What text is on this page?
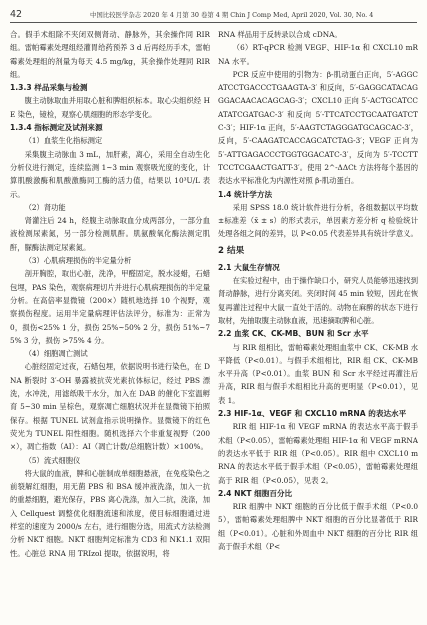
42	中国比较医学杂志 2020 年 4 月第 30 卷第 4 期 Chin J Comp Med, April 2020, Vol. 30, No. 4

合。假手术组除不夹闭双侧肾动、静脉外，其余操作同 RIR 组。雷帕霉素处理组经灌胃给药预养 3 d 后再经历手术，雷帕霉素处理组的剂量为每天 4.5 mg/kg，其余操作处理同 RIR 组。

1.3.3 样品采集与检测

腹主动脉取血并用取心脏和脾组织标本。取心尖组织经 HE 染色，镜检，观察心肌细胞的形态学变化。

1.3.4 指标测定及试剂来源

（1）血浆生化指标测定

采集腹主动脉血 3 mL，加肝素，离心，采用全自动生化分析仪进行测定，连续监测 1~3 min 观察吸光度的变化，计算肌酸激酶和肌酸激酶同工酶的活力值，结果以 10³U/L 表示。

（2）肾功能

肾灌注后 24 h，经腹主动脉取血分成两部分，一部分血液检测尿素氮，另一部分检测肌酐。肌氨酸氧化酶法测定肌酐，脲酶法测定尿素氮。

（3）心肌病理损伤的半定量分析

剖开胸腔，取出心脏，洗净，甲醛固定，脱水浸蜡，石蜡包埋，PAS 染色，观察病理切片并进行心肌病理损伤的半定量分析。在高倍率显微镜（200×）随机地选择 10 个视野，观察损伤程度。运用半定量病理评估法评分，标准为：正常为 0，损伤<25% 1 分，损伤 25%~50% 2 分，损伤 51%~75% 3 分，损伤 >75% 4 分。

（4）细胞凋亡测试

心脏经固定过夜，石蜡包埋，依据说明书进行染色，在 DNA 断裂时 3′-OH 暴露被抗荧光素抗体标记，经过 PBS 漂洗，水冲洗，用滤纸吸干水分，加入在 DAB 的催化下室温孵育 5~30 min 呈棕色，观察凋亡细胞状况并在显微镜下拍照保存。根据 TUNEL 试剂盒指示说明操作。显微镜下的红色荧光为 TUNEL 阳性细胞。随机选择六个非重复视野（200×），凋亡指数（AI）：AI（凋亡计数/总细胞计数）×100%。

（5）流式细胞仪

将大鼠的血液，脾和心脏制成单细胞悬液，在免疫染色之前裂解红细胞，用无菌 PBS 和 BSA 缓冲液洗涤，加入一抗的重悬细胞，避光保存，PBS 离心洗涤，加入二抗，洗涤，加入 Cellquest 调整优化细胞流速和浓度，使目标细胞通过进样室的速度为 2000/s 左右，进行细胞分选，用流式方法检测分析 NKT 细胞。NKT 细胞判定标准为 CD3 和 NK1.1 双阳性。心脏总 RNA 用 TRIzol 提取，依据说明，将

RNA 样品用于反转录以合成 cDNA。

（6）RT-qPCR 检测 VEGF、HIF-1α 和 CXCL10 mRNA 水平。

PCR 反应中使用的引物为：β-肌动蛋白正向，5′-AGGCATCCTGACCCTGAAGTA-3′ 和反向，5′-GAGGCATACAGGGACAACACAGCAG-3′；CXCL10 正向 5′-ACTGCATCCATATCGATGAC-3′ 和反向 5′-TTCATCCTGCAATGATCTC-3′；HIF-1α 正向，5′-AAGTCTAGGGATGCAGCAC-3′，反向，5′-CAAGATCACCAGCATCTAG-3′；VEGF 正向为 5′-ATTGAGACCCTGGTGGACATC-3′，反向为 5′-TCCTTTCCTCGAACTGATT-3′。使用 2^-ΔΔCt 方法将每个基因的表达水平标准化为内源性对照 β-肌动蛋白。

1.4 统计学方法

采用 SPSS 18.0 统计软件进行分析，各组数据以平均数±标准差（x̄ ± s）的形式表示，单因素方差分析 q 检验统计处理各组之间的差异，以 P<0.05 代表差异具有统计学意义。

2 结果
2.1 大鼠生存情况

在实验过程中，由于操作缺口小，研究人员能够迅速找到肾动静脉，进行分离夹闭。夹闭时间 45 min 较短，因此在恢复再灌注过程中大鼠一直处于活的。动物在麻醉的状态下进行取材，先抽取腹主动脉血液，迅速摘取脾和心脏。

2.2 血浆 CK、CK-MB、BUN 和 Scr 水平

与 RIR 组相比，雷帕霉素处理组血浆中 CK、CK-MB 水平降低（P<0.01）。与假手术组相比，RIR 组 CK、CK-MB 水平升高（P<0.01）。血浆 BUN 和 Scr 水平经过再灌注后升高，RIR 组与假手术组相比升高的更明显（P<0.01），见表 1。

2.3 HIF-1α、VEGF 和 CXCL10 mRNA 的表达水平

RIR 组 HIF-1α 和 VEGF mRNA 的表达水平高于假手术组（P<0.05），雷帕霉素处理组 HIF-1α 和 VEGF mRNA 的表达水平低于 RIR 组（P<0.05）。RIR 组中 CXCL10 mRNA 的表达水平低于假手术组（P<0.05），雷帕霉素处理组高于 RIR 组（P<0.05），见表 2。

2.4 NKT 细胞百分比

RIR 组脾中 NKT 细胞的百分比低于假手术组（P<0.05），雷帕霉素处理组脾中 NKT 细胞的百分比显著低于 RIR 组（P<0.01）。心脏和外周血中 NKT 细胞的百分比 RIR 组高于假手术组（P<
